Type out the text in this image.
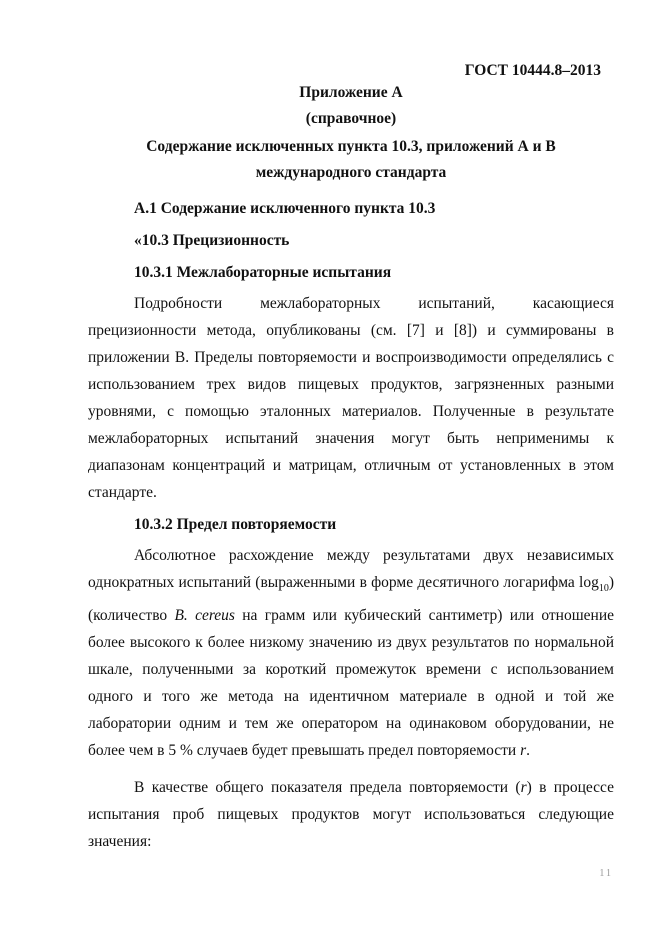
ГОСТ 10444.8–2013
Приложение А
(справочное)
Содержание исключенных пункта 10.3, приложений А и В международного стандарта
А.1 Содержание исключенного пункта 10.3
«10.3 Прецизионность
10.3.1 Межлабораторные испытания

Подробности межлабораторных испытаний, касающиеся прецизионности метода, опубликованы (см. [7] и [8]) и суммированы в приложении В. Пределы повторяемости и воспроизводимости определялись с использованием трех видов пищевых продуктов, загрязненных разными уровнями, с помощью эталонных материалов. Полученные в результате межлабораторных испытаний значения могут быть неприменимы к диапазонам концентраций и матрицам, отличным от установленных в этом стандарте.

10.3.2 Предел повторяемости

Абсолютное расхождение между результатами двух независимых однократных испытаний (выраженными в форме десятичного логарифма $\log_{10}$) (количество B. cereus на грамм или кубический сантиметр) или отношение более высокого к более низкому значению из двух результатов по нормальной шкале, полученными за короткий промежуток времени с использованием одного и того же метода на идентичном материале в одной и той же лаборатории одним и тем же оператором на одинаковом оборудовании, не более чем в 5 % случаев будет превышать предел повторяемости r.

В качестве общего показателя предела повторяемости (r) в процессе испытания проб пищевых продуктов могут использоваться следующие значения:

11
